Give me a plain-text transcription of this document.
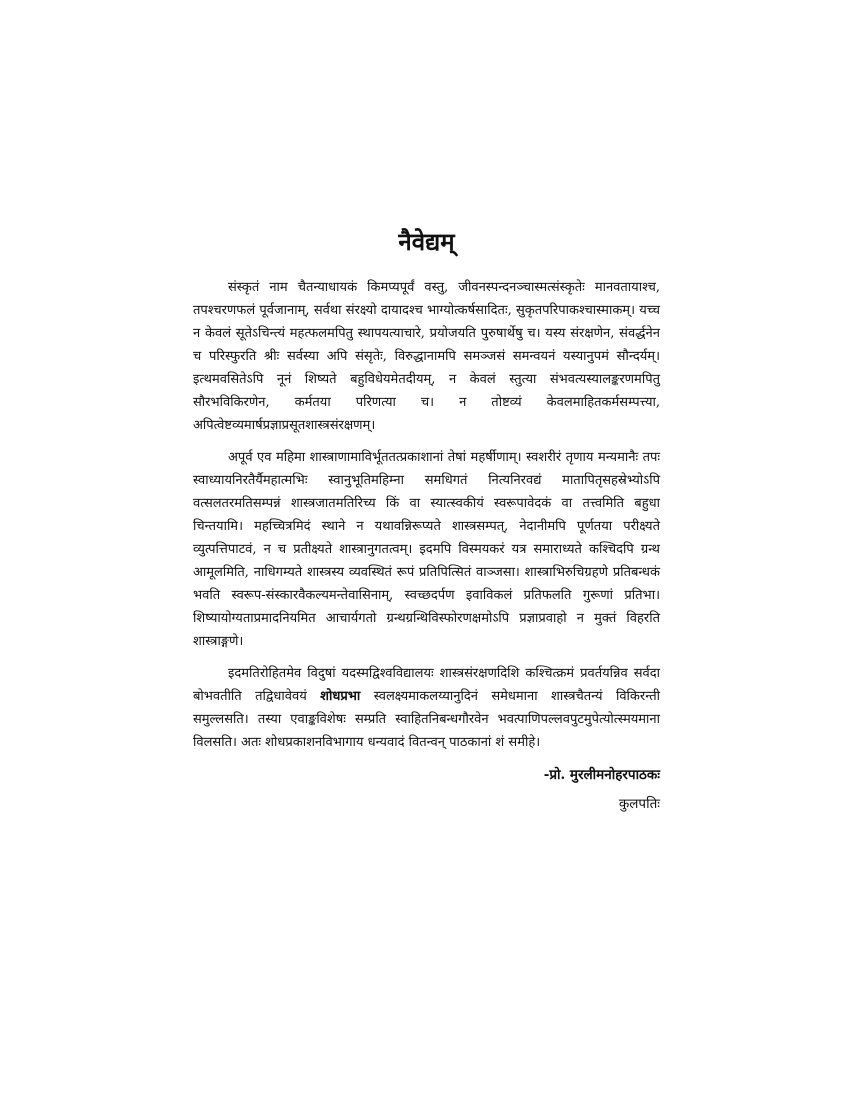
नैवेद्यम्

संस्कृतं नाम चैतन्याधायकं किमप्यपूर्वं वस्तु, जीवनस्पन्दनञ्चास्मत्संस्कृतेः मानवतायाश्च, तपश्चरणफलं पूर्वजानाम्, सर्वथा संरक्ष्यो दायादश्च भाग्योत्कर्षसादितः, सुकृतपरिपाकश्चास्माकम्। यच्च न केवलं सूतेऽचिन्त्यं महत्फलमपितु स्थापयत्याचारे, प्रयोजयति पुरुषार्थेषु च। यस्य संरक्षणेन, संवर्द्धनेन च परिस्फुरति श्रीः सर्वस्या अपि संसृतेः, विरुद्धानामपि समञ्जसं समन्वयनं यस्यानुपमं सौन्दर्यम्। इत्थमवसितेऽपि नूनं शिष्यते बहुविधेयमेतदीयम्, न केवलं स्तुत्या संभवत्यस्यालङ्करणमपितु सौरभविकिरणेन, कर्मतया परिणत्या च। न तोष्टव्यं केवलमाहितकर्मसम्पत्त्या, अपित्वेष्टव्यमार्षप्रज्ञाप्रसूतशास्त्रसंरक्षणम्।

अपूर्व एव महिमा शास्त्राणामाविर्भूततत्प्रकाशानां तेषां महर्षीणाम्। स्वशरीरं तृणाय मन्यमानैः तपः स्वाध्यायनिरतैर्यैमहात्मभिः स्वानुभूतिमहिम्ना समधिगतं नित्यनिरवद्यं मातापितृसहस्रेभ्योऽपि वत्सलतरमतिसम्पन्नं शास्त्रजातमतिरिच्य किं वा स्यात्स्वकीयं स्वरूपावेदकं वा तत्त्वमिति बहुधा चिन्तयामि। महच्चित्रमिदं स्थाने न यथावन्निरूप्यते शास्त्रसम्पत्, नेदानीमपि पूर्णतया परीक्ष्यते व्युत्पत्तिपाटवं, न च प्रतीक्ष्यते शास्त्रानुगतत्वम्। इदमपि विस्मयकरं यत्र समाराध्यते कश्चिदपि ग्रन्थ आमूलमिति, नाधिगम्यते शास्त्रस्य व्यवस्थितं रूपं प्रतिपित्सितं वाञ्जसा। शास्त्राभिरुचिग्रहणे प्रतिबन्धकं भवति स्वरूप-संस्कारवैकल्यमन्तेवासिनाम्, स्वच्छदर्पण इवाविकलं प्रतिफलति गुरूणां प्रतिभा। शिष्यायोग्यताप्रमादनियमित आचार्यगतो ग्रन्थग्रन्थिविस्फोरणक्षमोऽपि प्रज्ञाप्रवाहो न मुक्तं विहरति शास्त्राङ्गणे।

इदमतिरोहितमेव विदुषां यदस्मद्विश्वविद्यालयः शास्त्रसंरक्षणदिशि कश्चित्क्रमं प्रवर्तयन्निव सर्वदा बोभवतीति तद्विधावेवयं शोधप्रभा स्वलक्ष्यमाकलय्यानुदिनं समेधमाना शास्त्रचैतन्यं विकिरन्ती समुल्लसति। तस्या एवाङ्कविशेषः सम्प्रति स्वाहितनिबन्धगौरवेन भवत्पाणिपल्लवपुटमुपेत्योत्स्मयमाना विलसति। अतः शोधप्रकाशनविभागाय धन्यवादं वितन्वन् पाठकानां शं समीहे।

-प्रो. मुरलीमनोहरपाठकः
कुलपतिः
